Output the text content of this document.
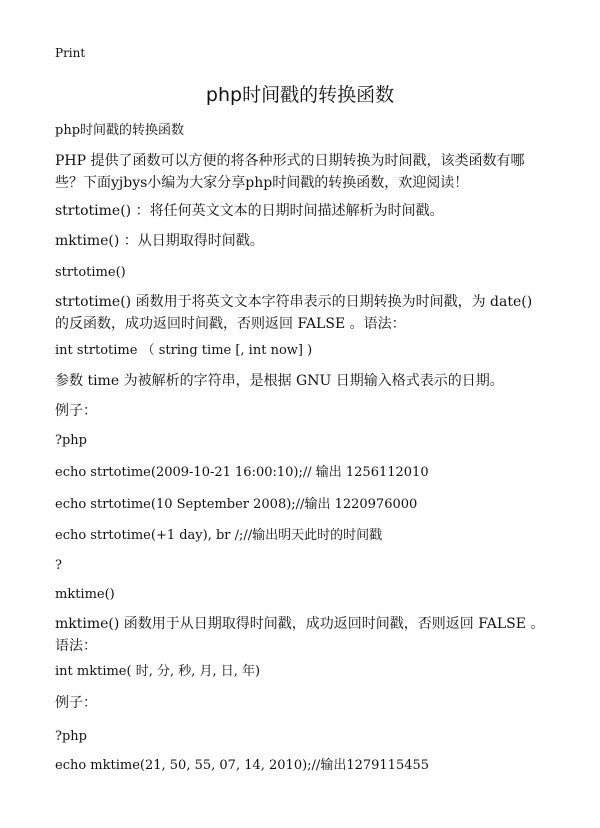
Print
php时间戳的转换函数
php时间戳的转换函数
PHP 提供了函数可以方便的将各种形式的日期转换为时间戳，该类函数有哪些？下面yjbys小编为大家分享php时间戳的转换函数，欢迎阅读！
strtotime() ：将任何英文文本的日期时间描述解析为时间戳。
mktime() ：从日期取得时间戳。
strtotime()
strtotime() 函数用于将英文文本字符串表示的日期转换为时间戳，为 date() 的反函数，成功返回时间戳，否则返回 FALSE 。语法：
int strtotime （ string time [, int now] )
参数 time 为被解析的字符串，是根据 GNU 日期输入格式表示的日期。
例子：
?php
echo strtotime(2009-10-21 16:00:10);// 输出 1256112010
echo strtotime(10 September 2008);//输出 1220976000
echo strtotime(+1 day), br /;//输出明天此时的时间戳
?
mktime()
mktime() 函数用于从日期取得时间戳，成功返回时间戳，否则返回 FALSE 。语法：
int mktime( 时, 分, 秒, 月, 日, 年)
例子：
?php
echo mktime(21, 50, 55, 07, 14, 2010);//输出1279115455
